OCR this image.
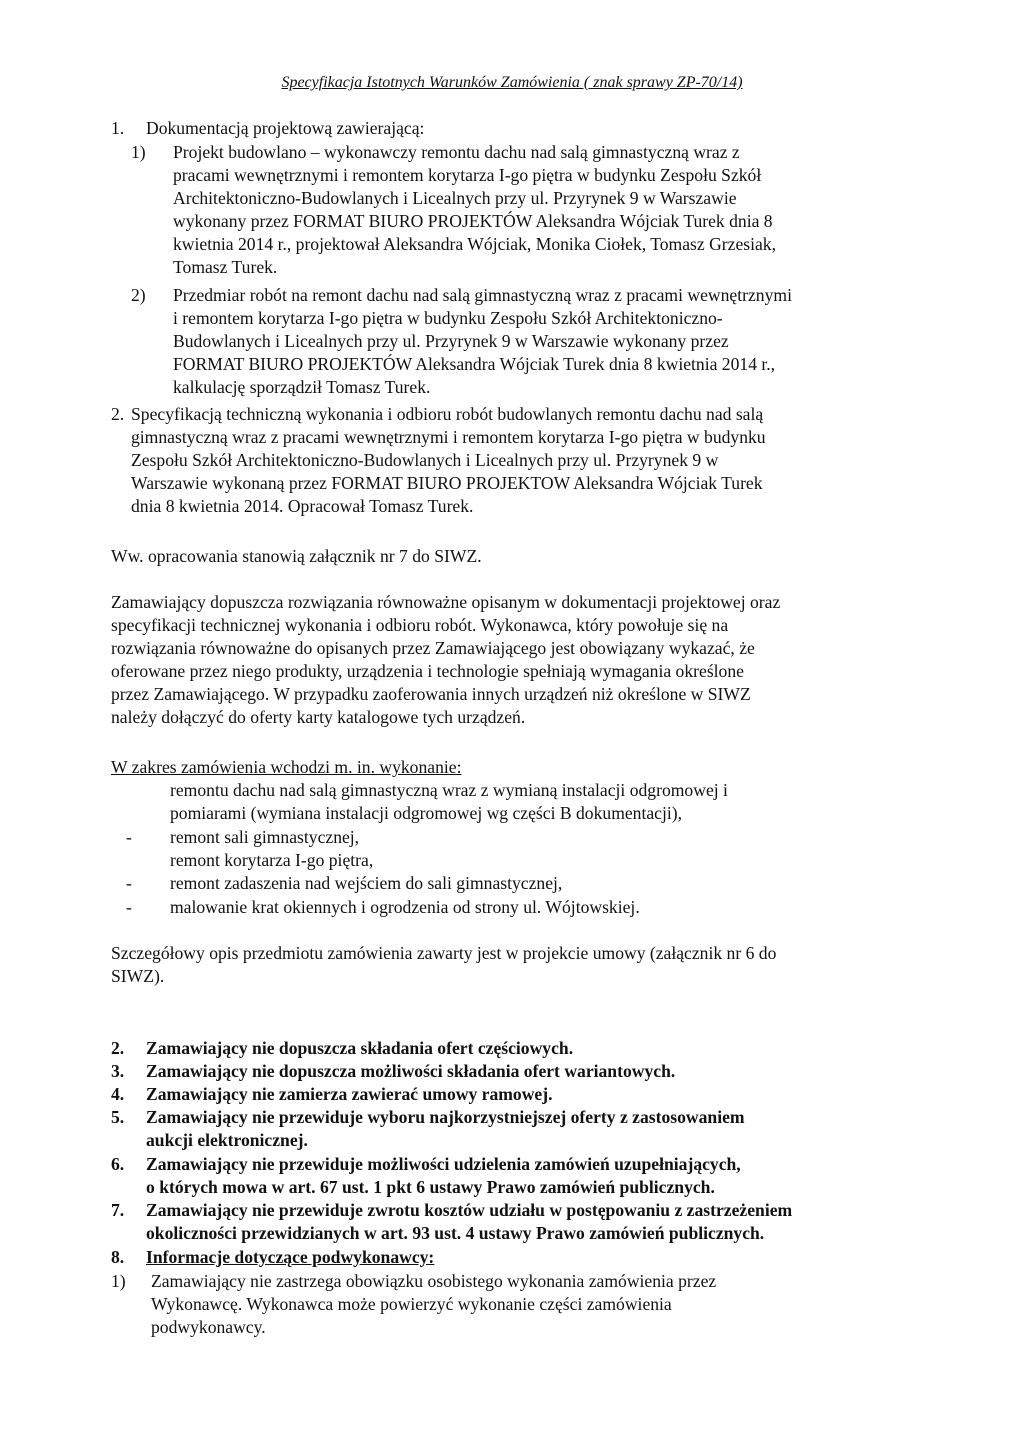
Specyfikacja Istotnych Warunków Zamówienia ( znak sprawy ZP-70/14)
1. Dokumentacją projektową zawierającą:
1) Projekt budowlano – wykonawczy remontu dachu nad salą gimnastyczną wraz z
pracami wewnętrznymi i remontem korytarza I-go piętra w budynku Zespołu Szkół
Architektoniczno-Budowlanych i Licealnych przy ul. Przyrynek 9 w Warszawie
wykonany przez FORMAT BIURO PROJEKTÓW Aleksandra Wójciak Turek dnia 8
kwietnia 2014 r., projektował Aleksandra Wójciak, Monika Ciołek, Tomasz Grzesiak,
Tomasz Turek.
2) Przedmiar robót na remont dachu nad salą gimnastyczną wraz z pracami wewnętrznymi
i remontem korytarza I-go piętra w budynku Zespołu Szkół Architektoniczno-
Budowlanych i Licealnych przy ul. Przyrynek 9 w Warszawie wykonany przez
FORMAT BIURO PROJEKTÓW Aleksandra Wójciak Turek dnia 8 kwietnia 2014 r.,
kalkulację sporządził Tomasz Turek.
2. Specyfikacją techniczną wykonania i odbioru robót budowlanych remontu dachu nad salą
gimnastyczną wraz z pracami wewnętrznymi i remontem korytarza I-go piętra w budynku
Zespołu Szkół Architektoniczno-Budowlanych i Licealnych przy ul. Przyrynek 9 w
Warszawie wykonaną przez FORMAT BIURO PROJEKTOW Aleksandra Wójciak Turek
dnia 8 kwietnia 2014. Opracował Tomasz Turek.
Ww. opracowania stanowią załącznik nr 7 do SIWZ.
Zamawiający dopuszcza rozwiązania równoważne opisanym w dokumentacji projektowej oraz
specyfikacji technicznej wykonania i odbioru robót. Wykonawca, który powołuje się na
rozwiązania równoważne do opisanych przez Zamawiającego jest obowiązany wykazać, że
oferowane przez niego produkty, urządzenia i technologie spełniają wymagania określone
przez Zamawiającego. W przypadku zaoferowania innych urządzeń niż określone w SIWZ
należy dołączyć do oferty karty katalogowe tych urządzeń.
W zakres zamówienia wchodzi m. in. wykonanie:
remontu dachu nad salą gimnastyczną wraz z wymianą instalacji odgromowej i
pomiarami (wymiana instalacji odgromowej wg części B dokumentacji),
- remont sali gimnastycznej,
remont korytarza I-go piętra,
- remont zadaszenia nad wejściem do sali gimnastycznej,
- malowanie krat okiennych i ogrodzenia od strony ul. Wójtowskiej.
Szczegółowy opis przedmiotu zamówienia zawarty jest w projekcie umowy (załącznik nr 6 do
SIWZ).
2. Zamawiający nie dopuszcza składania ofert częściowych.
3. Zamawiający nie dopuszcza możliwości składania ofert wariantowych.
4. Zamawiający nie zamierza zawierać umowy ramowej.
5. Zamawiający nie przewiduje wyboru najkorzystniejszej oferty z zastosowaniem
aukcji elektronicznej.
6. Zamawiający nie przewiduje możliwości udzielenia zamówień uzupełniających,
o których mowa w art. 67 ust. 1 pkt 6 ustawy Prawo zamówień publicznych.
7. Zamawiający nie przewiduje zwrotu kosztów udziału w postępowaniu z zastrzeżeniem
okoliczności przewidzianych w art. 93 ust. 4 ustawy Prawo zamówień publicznych.
8. Informacje dotyczące podwykonawcy:
1) Zamawiający nie zastrzega obowiązku osobistego wykonania zamówienia przez
Wykonawcę. Wykonawca może powierzyć wykonanie części zamówienia
podwykonawcy.
